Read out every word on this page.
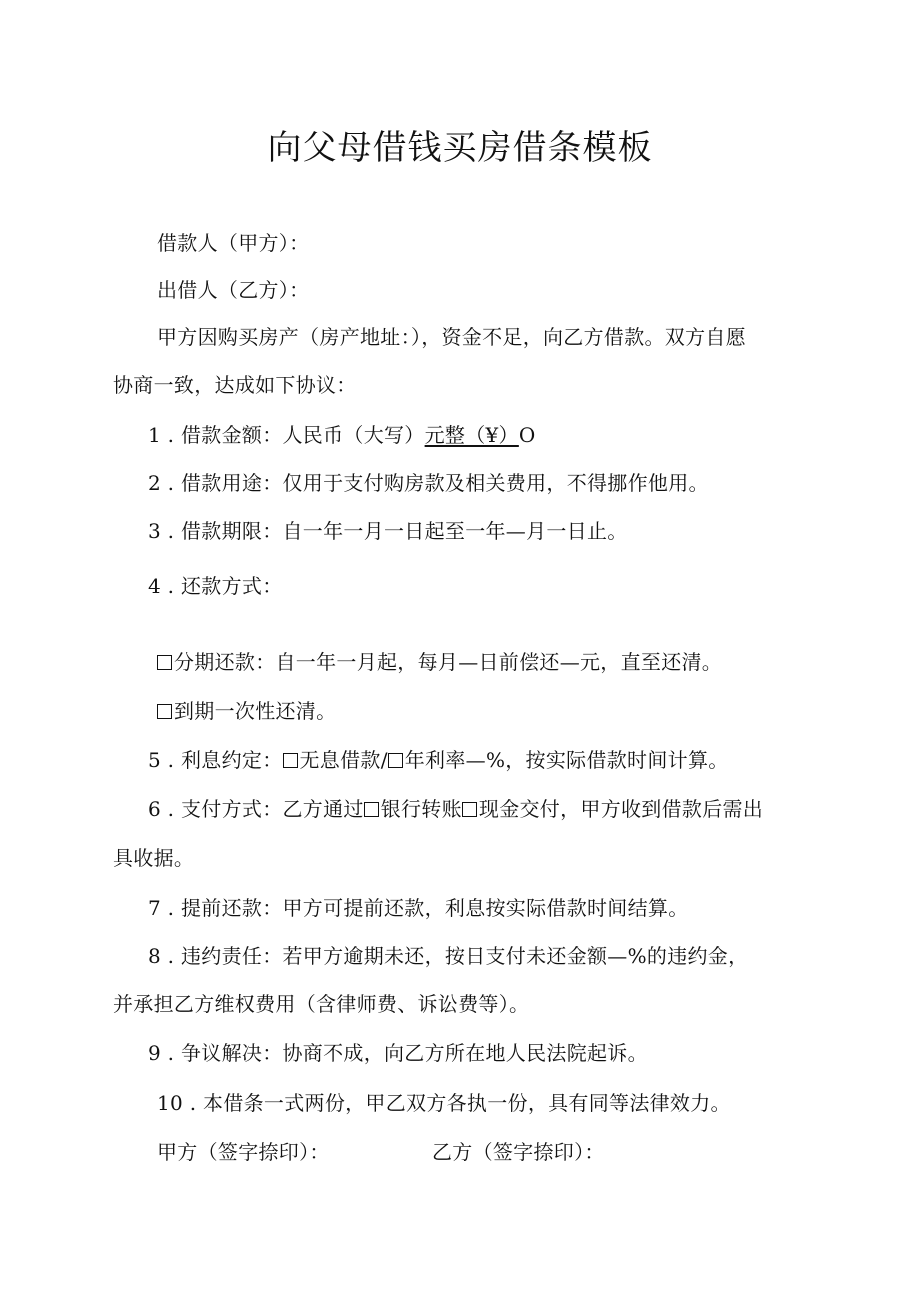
向父母借钱买房借条模板
借款人（甲方）：
出借人（乙方）：
甲方因购买房产（房产地址：），资金不足，向乙方借款。双方自愿
协商一致，达成如下协议：
1 . 借款金额：人民币（大写）元整（¥）O
2 . 借款用途：仅用于支付购房款及相关费用，不得挪作他用。
3 . 借款期限：自一年一月一日起至一年—月一日止。
4 . 还款方式：
分期还款：自一年一月起，每月—日前偿还—元，直至还清。
到期一次性还清。
5 . 利息约定： 无息借款/ 年利率—%，按实际借款时间计算。
6 . 支付方式：乙方通过 银行转账 现金交付，甲方收到借款后需出
具收据。
7 . 提前还款：甲方可提前还款，利息按实际借款时间结算。
8 . 违约责任：若甲方逾期未还，按日支付未还金额—%的违约金，
并承担乙方维权费用（含律师费、诉讼费等）。
9 . 争议解决：协商不成，向乙方所在地人民法院起诉。
10 . 本借条一式两份，甲乙双方各执一份，具有同等法律效力。
甲方（签字捺印）：	乙方（签字捺印）：
